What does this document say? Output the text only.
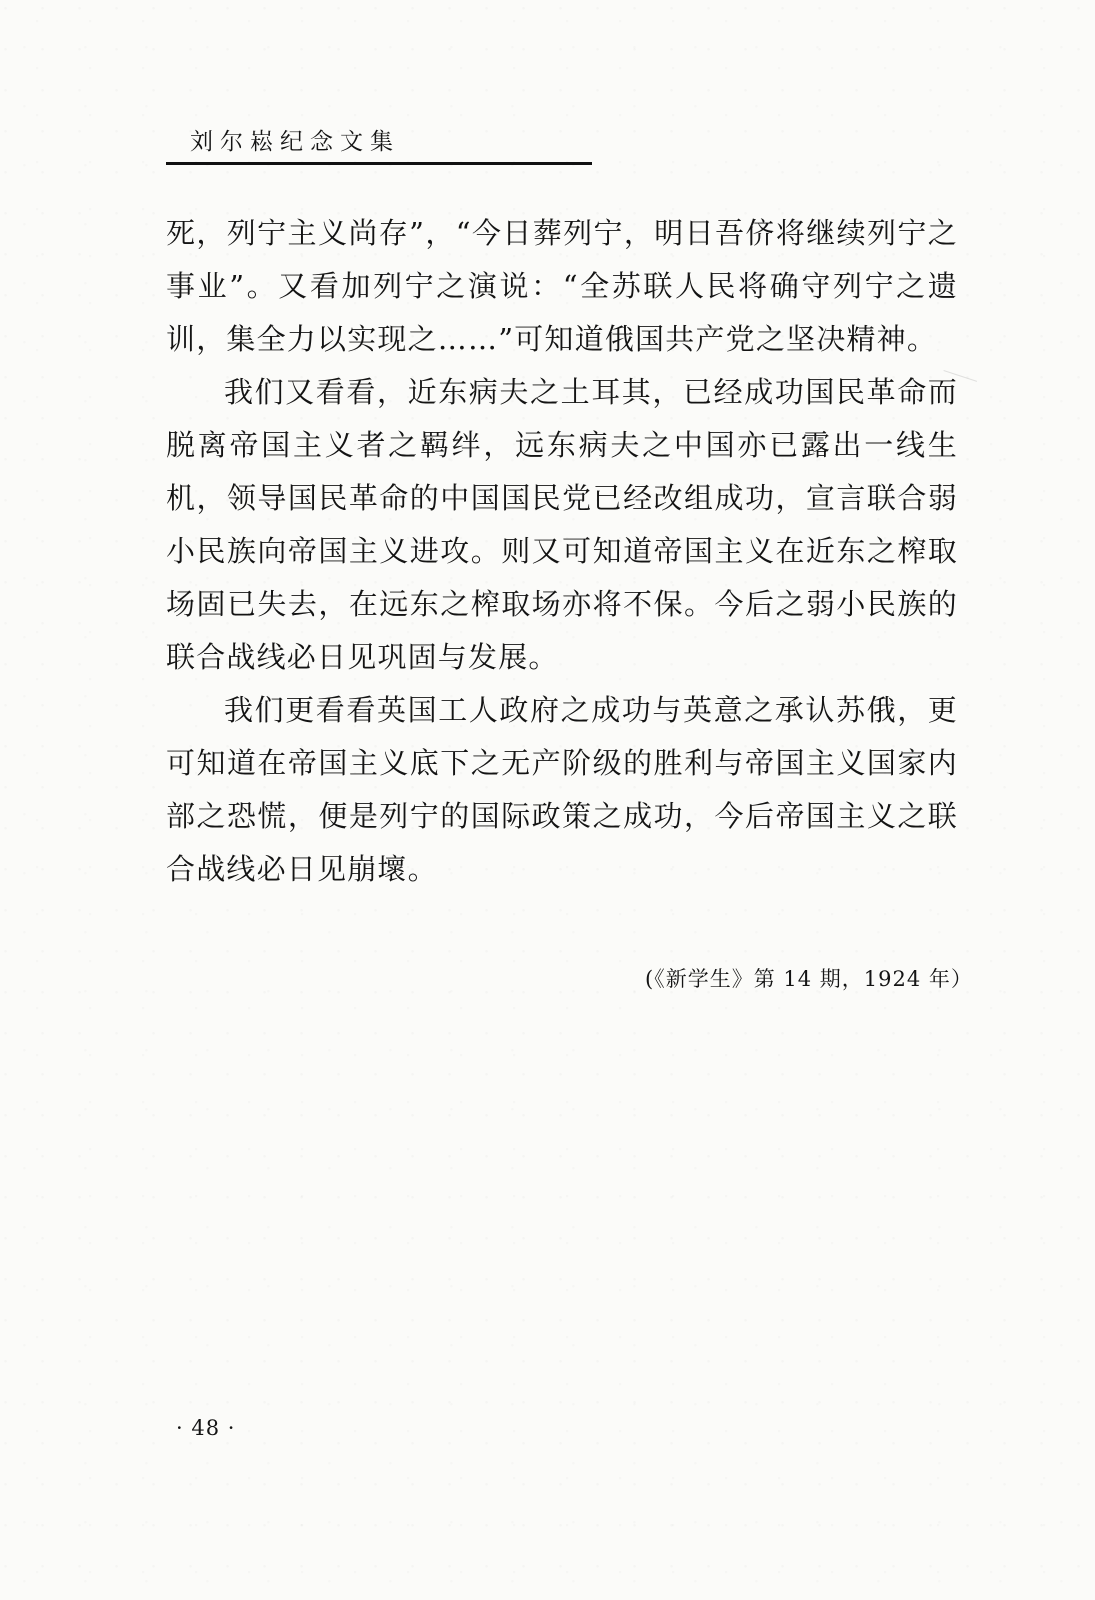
刘尔崧纪念文集

死，列宁主义尚存”，“今日葬列宁，明日吾侪将继续列宁之事业”。又看加列宁之演说：“全苏联人民将确守列宁之遗训，集全力以实现之……”可知道俄国共产党之坚决精神。

我们又看看，近东病夫之土耳其，已经成功国民革命而脱离帝国主义者之羁绊，远东病夫之中国亦已露出一线生机，领导国民革命的中国国民党已经改组成功，宣言联合弱小民族向帝国主义进攻。则又可知道帝国主义在近东之榨取场固已失去，在远东之榨取场亦将不保。今后之弱小民族的联合战线必日见巩固与发展。

我们更看看英国工人政府之成功与英意之承认苏俄，更可知道在帝国主义底下之无产阶级的胜利与帝国主义国家内部之恐慌，便是列宁的国际政策之成功，今后帝国主义之联合战线必日见崩壞。

(《新学生》第 14 期，1924 年）
· 48 ·
